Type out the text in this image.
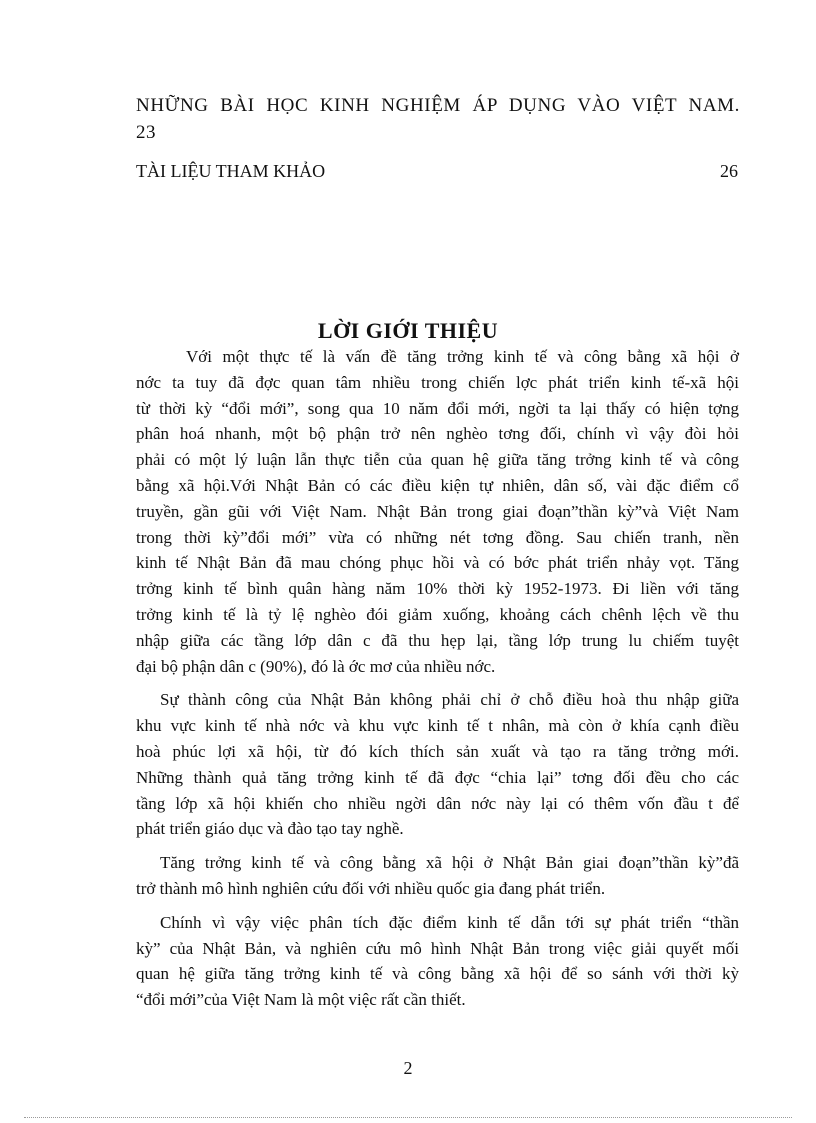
NHỮNG BÀI HỌC KINH NGHIỆM ÁP DỤNG VÀO VIỆT NAM.
23
TÀI LIỆU THAM KHẢO	26
LỜI GIỚI THIỆU
Với một thực tế là vấn đề tăng trởng kinh tế và công bằng xã hội ở
nớc ta tuy đã đợc quan tâm nhiều trong chiến lợc phát triển kinh tế-xã hội
từ thời kỳ “đổi mới”, song qua 10 năm đổi mới, ngời ta lại thấy có hiện tợng
phân hoá nhanh, một bộ phận trở nên nghèo tơng đối, chính vì vậy đòi hỏi
phải có một lý luận lẫn thực tiễn của quan hệ giữa tăng trởng kinh tế và công
bằng xã hội.Với Nhật Bản có các điều kiện tự nhiên, dân số, vài đặc điểm cổ
truyền, gần gũi với Việt Nam. Nhật Bản trong giai đoạn”thần kỳ”và Việt Nam
trong thời kỳ”đổi mới” vừa có những nét tơng đồng. Sau chiến tranh, nền
kinh tế Nhật Bản đã mau chóng phục hồi và có bớc phát triển nhảy vọt. Tăng
trởng kinh tế bình quân hàng năm 10% thời kỳ 1952-1973. Đi liền với tăng
trởng kinh tế là tỷ lệ nghèo đói giảm xuống, khoảng cách chênh lệch về thu
nhập giữa các tầng lớp dân c đã thu hẹp lại, tầng lớp trung lu chiếm tuyệt
đại bộ phận dân c (90%), đó là ớc mơ của nhiều nớc.
Sự thành công của Nhật Bản không phải chỉ ở chỗ điều hoà thu nhập giữa
khu vực kinh tế nhà nớc và khu vực kinh tế t nhân, mà còn ở khía cạnh điều
hoà phúc lợi xã hội, từ đó kích thích sản xuất và tạo ra tăng trởng mới.
Những thành quả tăng trởng kinh tế đã đợc “chia lại” tơng đối đều cho các
tầng lớp xã hội khiến cho nhiều ngời dân nớc này lại có thêm vốn đầu t để
phát triển giáo dục và đào tạo tay nghề.
Tăng trởng kinh tế và công bằng xã hội ở Nhật Bản giai đoạn”thần kỳ”đã
trở thành mô hình nghiên cứu đối với nhiều quốc gia đang phát triển.
Chính vì vậy việc phân tích đặc điểm kinh tế dẫn tới sự phát triển “thần
kỳ” của Nhật Bản, và nghiên cứu mô hình Nhật Bản trong việc giải quyết mối
quan hệ giữa tăng trởng kinh tế và công bằng xã hội để so sánh với thời kỳ
“đổi mới”của Việt Nam là một việc rất cần thiết.
2
